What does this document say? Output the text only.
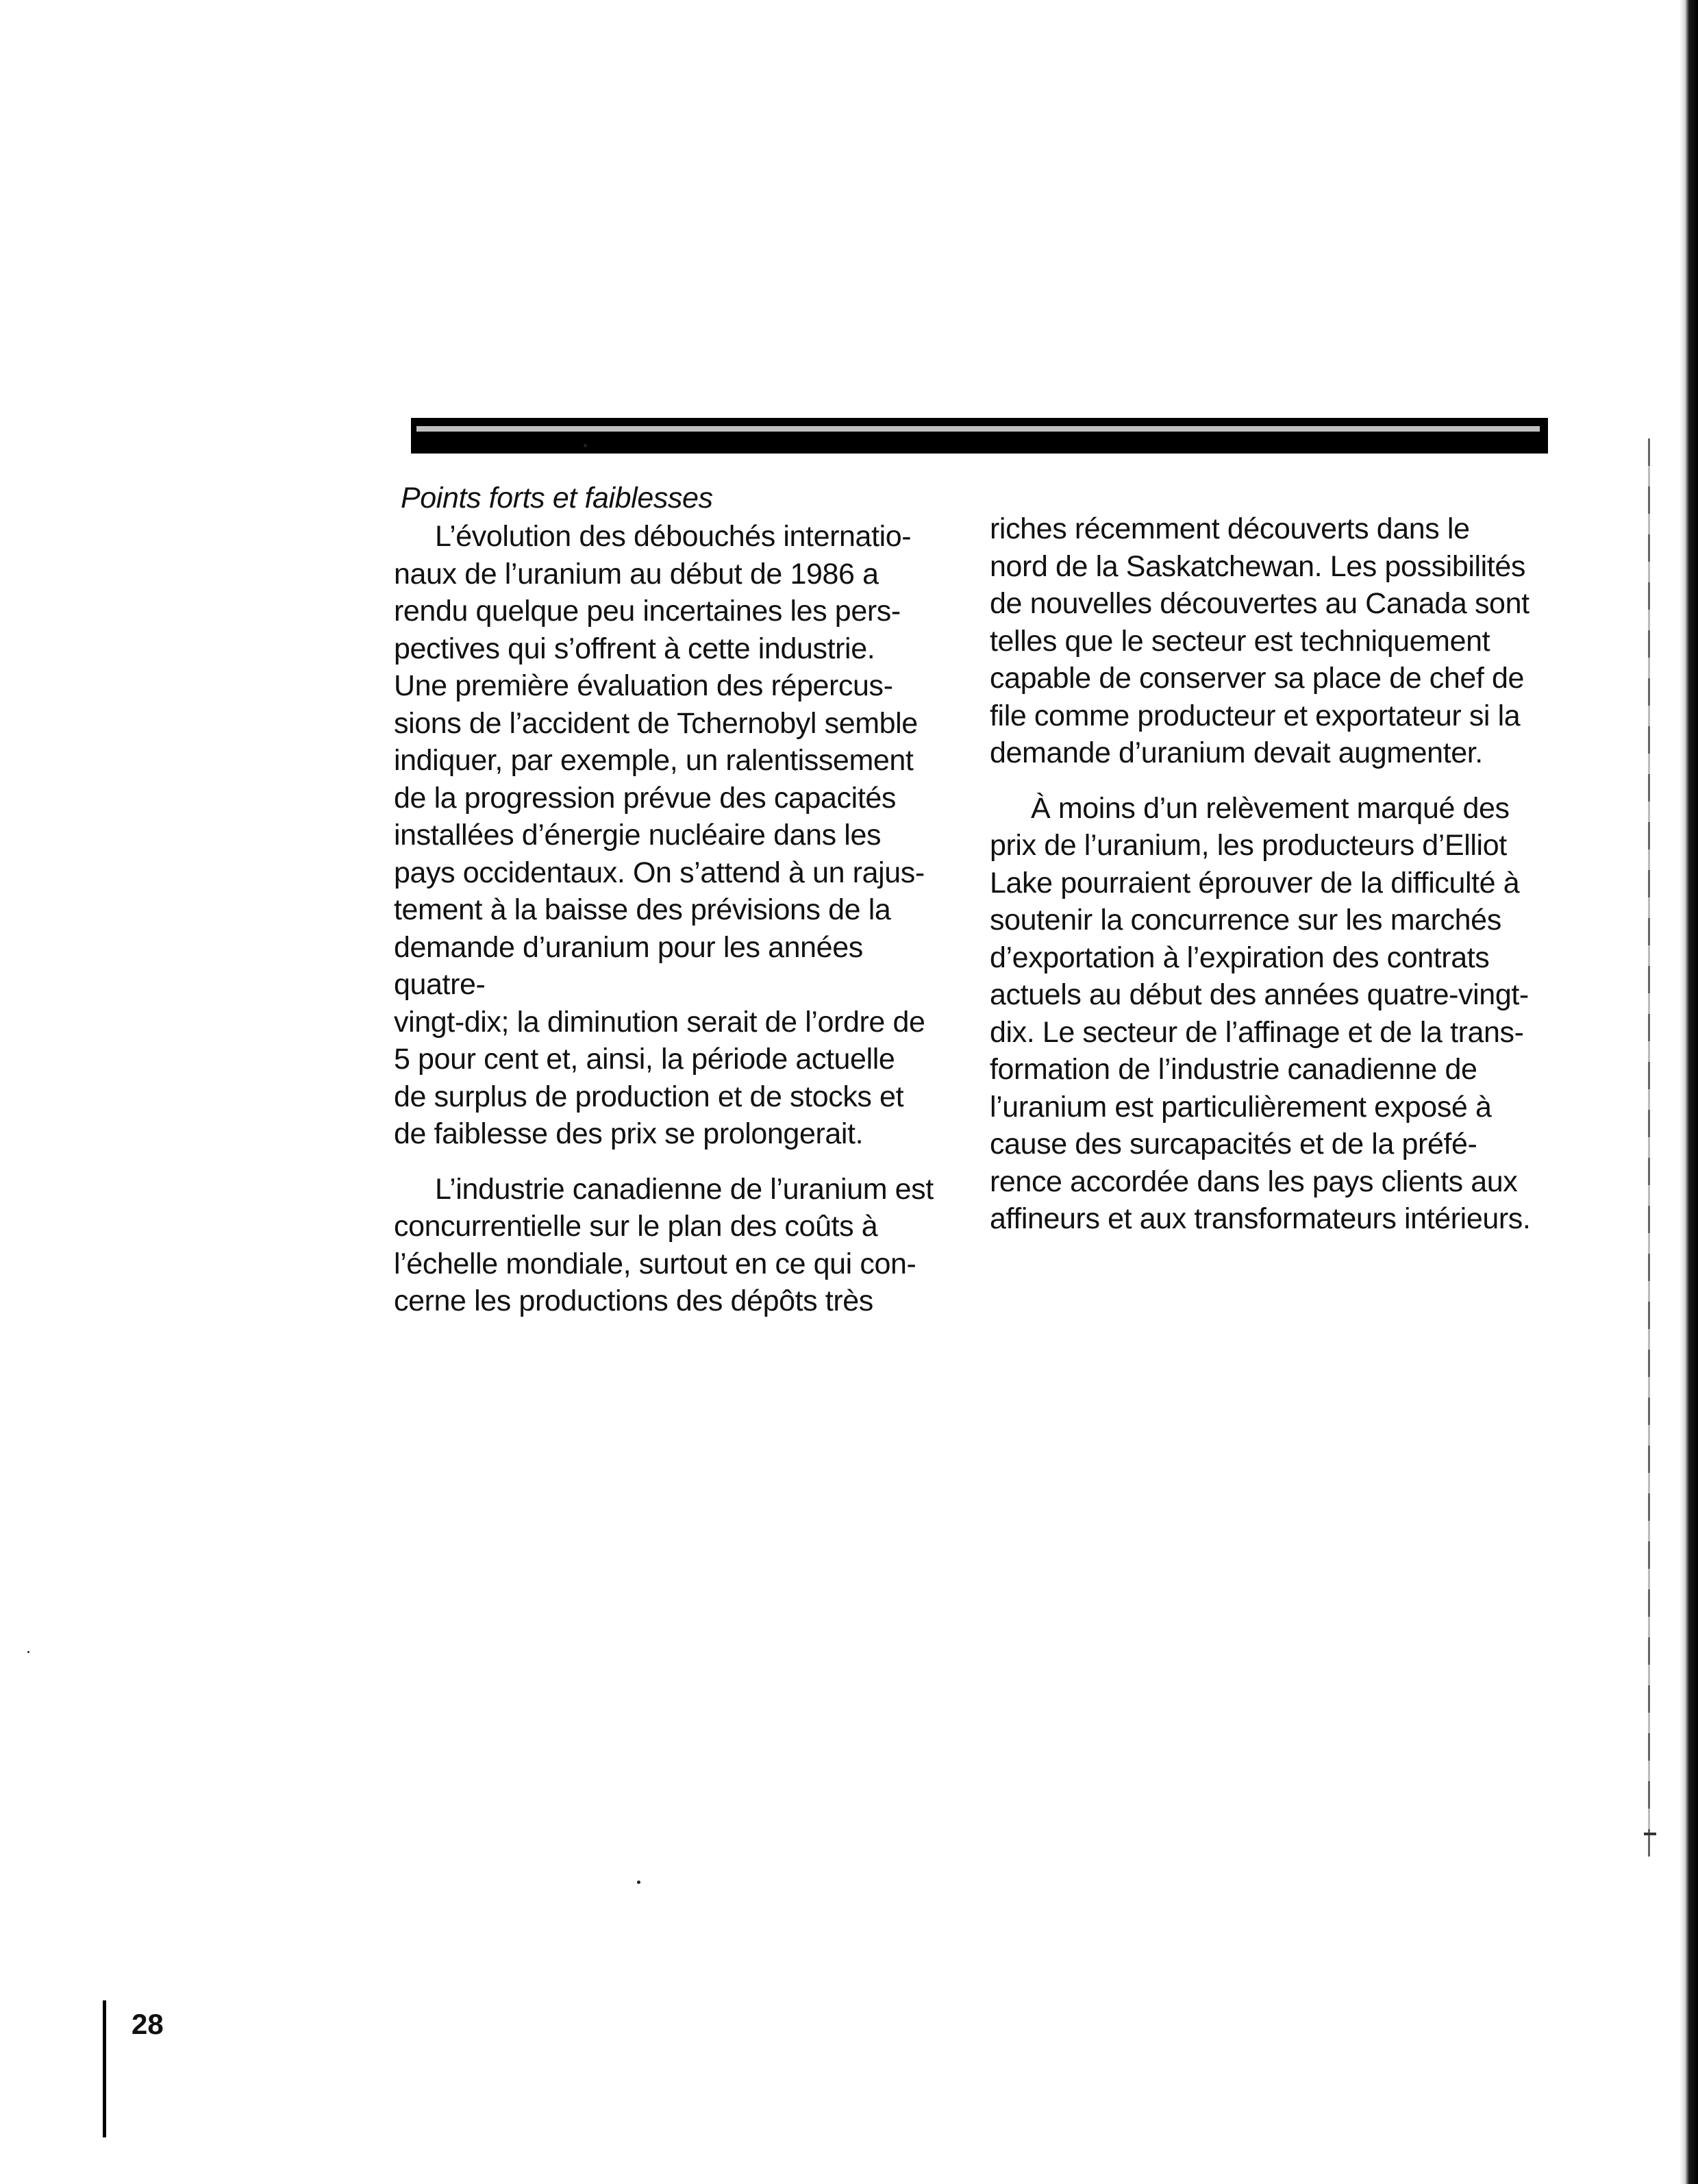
Points forts et faiblesses

L’évolution des débouchés internatio-
naux de l’uranium au début de 1986 a
rendu quelque peu incertaines les pers-
pectives qui s’offrent à cette industrie.
Une première évaluation des répercus-
sions de l’accident de Tchernobyl semble
indiquer, par exemple, un ralentissement
de la progression prévue des capacités
installées d’énergie nucléaire dans les
pays occidentaux. On s’attend à un rajus-
tement à la baisse des prévisions de la
demande d’uranium pour les années quatre-
vingt-dix; la diminution serait de l’ordre de
5 pour cent et, ainsi, la période actuelle
de surplus de production et de stocks et
de faiblesse des prix se prolongerait.

L’industrie canadienne de l’uranium est
concurrentielle sur le plan des coûts à
l’échelle mondiale, surtout en ce qui con-
cerne les productions des dépôts très

riches récemment découverts dans le
nord de la Saskatchewan. Les possibilités
de nouvelles découvertes au Canada sont
telles que le secteur est techniquement
capable de conserver sa place de chef de
file comme producteur et exportateur si la
demande d’uranium devait augmenter.

À moins d’un relèvement marqué des
prix de l’uranium, les producteurs d’Elliot
Lake pourraient éprouver de la difficulté à
soutenir la concurrence sur les marchés
d’exportation à l’expiration des contrats
actuels au début des années quatre-vingt-
dix. Le secteur de l’affinage et de la trans-
formation de l’industrie canadienne de
l’uranium est particulièrement exposé à
cause des surcapacités et de la préfé-
rence accordée dans les pays clients aux
affineurs et aux transformateurs intérieurs.

28
